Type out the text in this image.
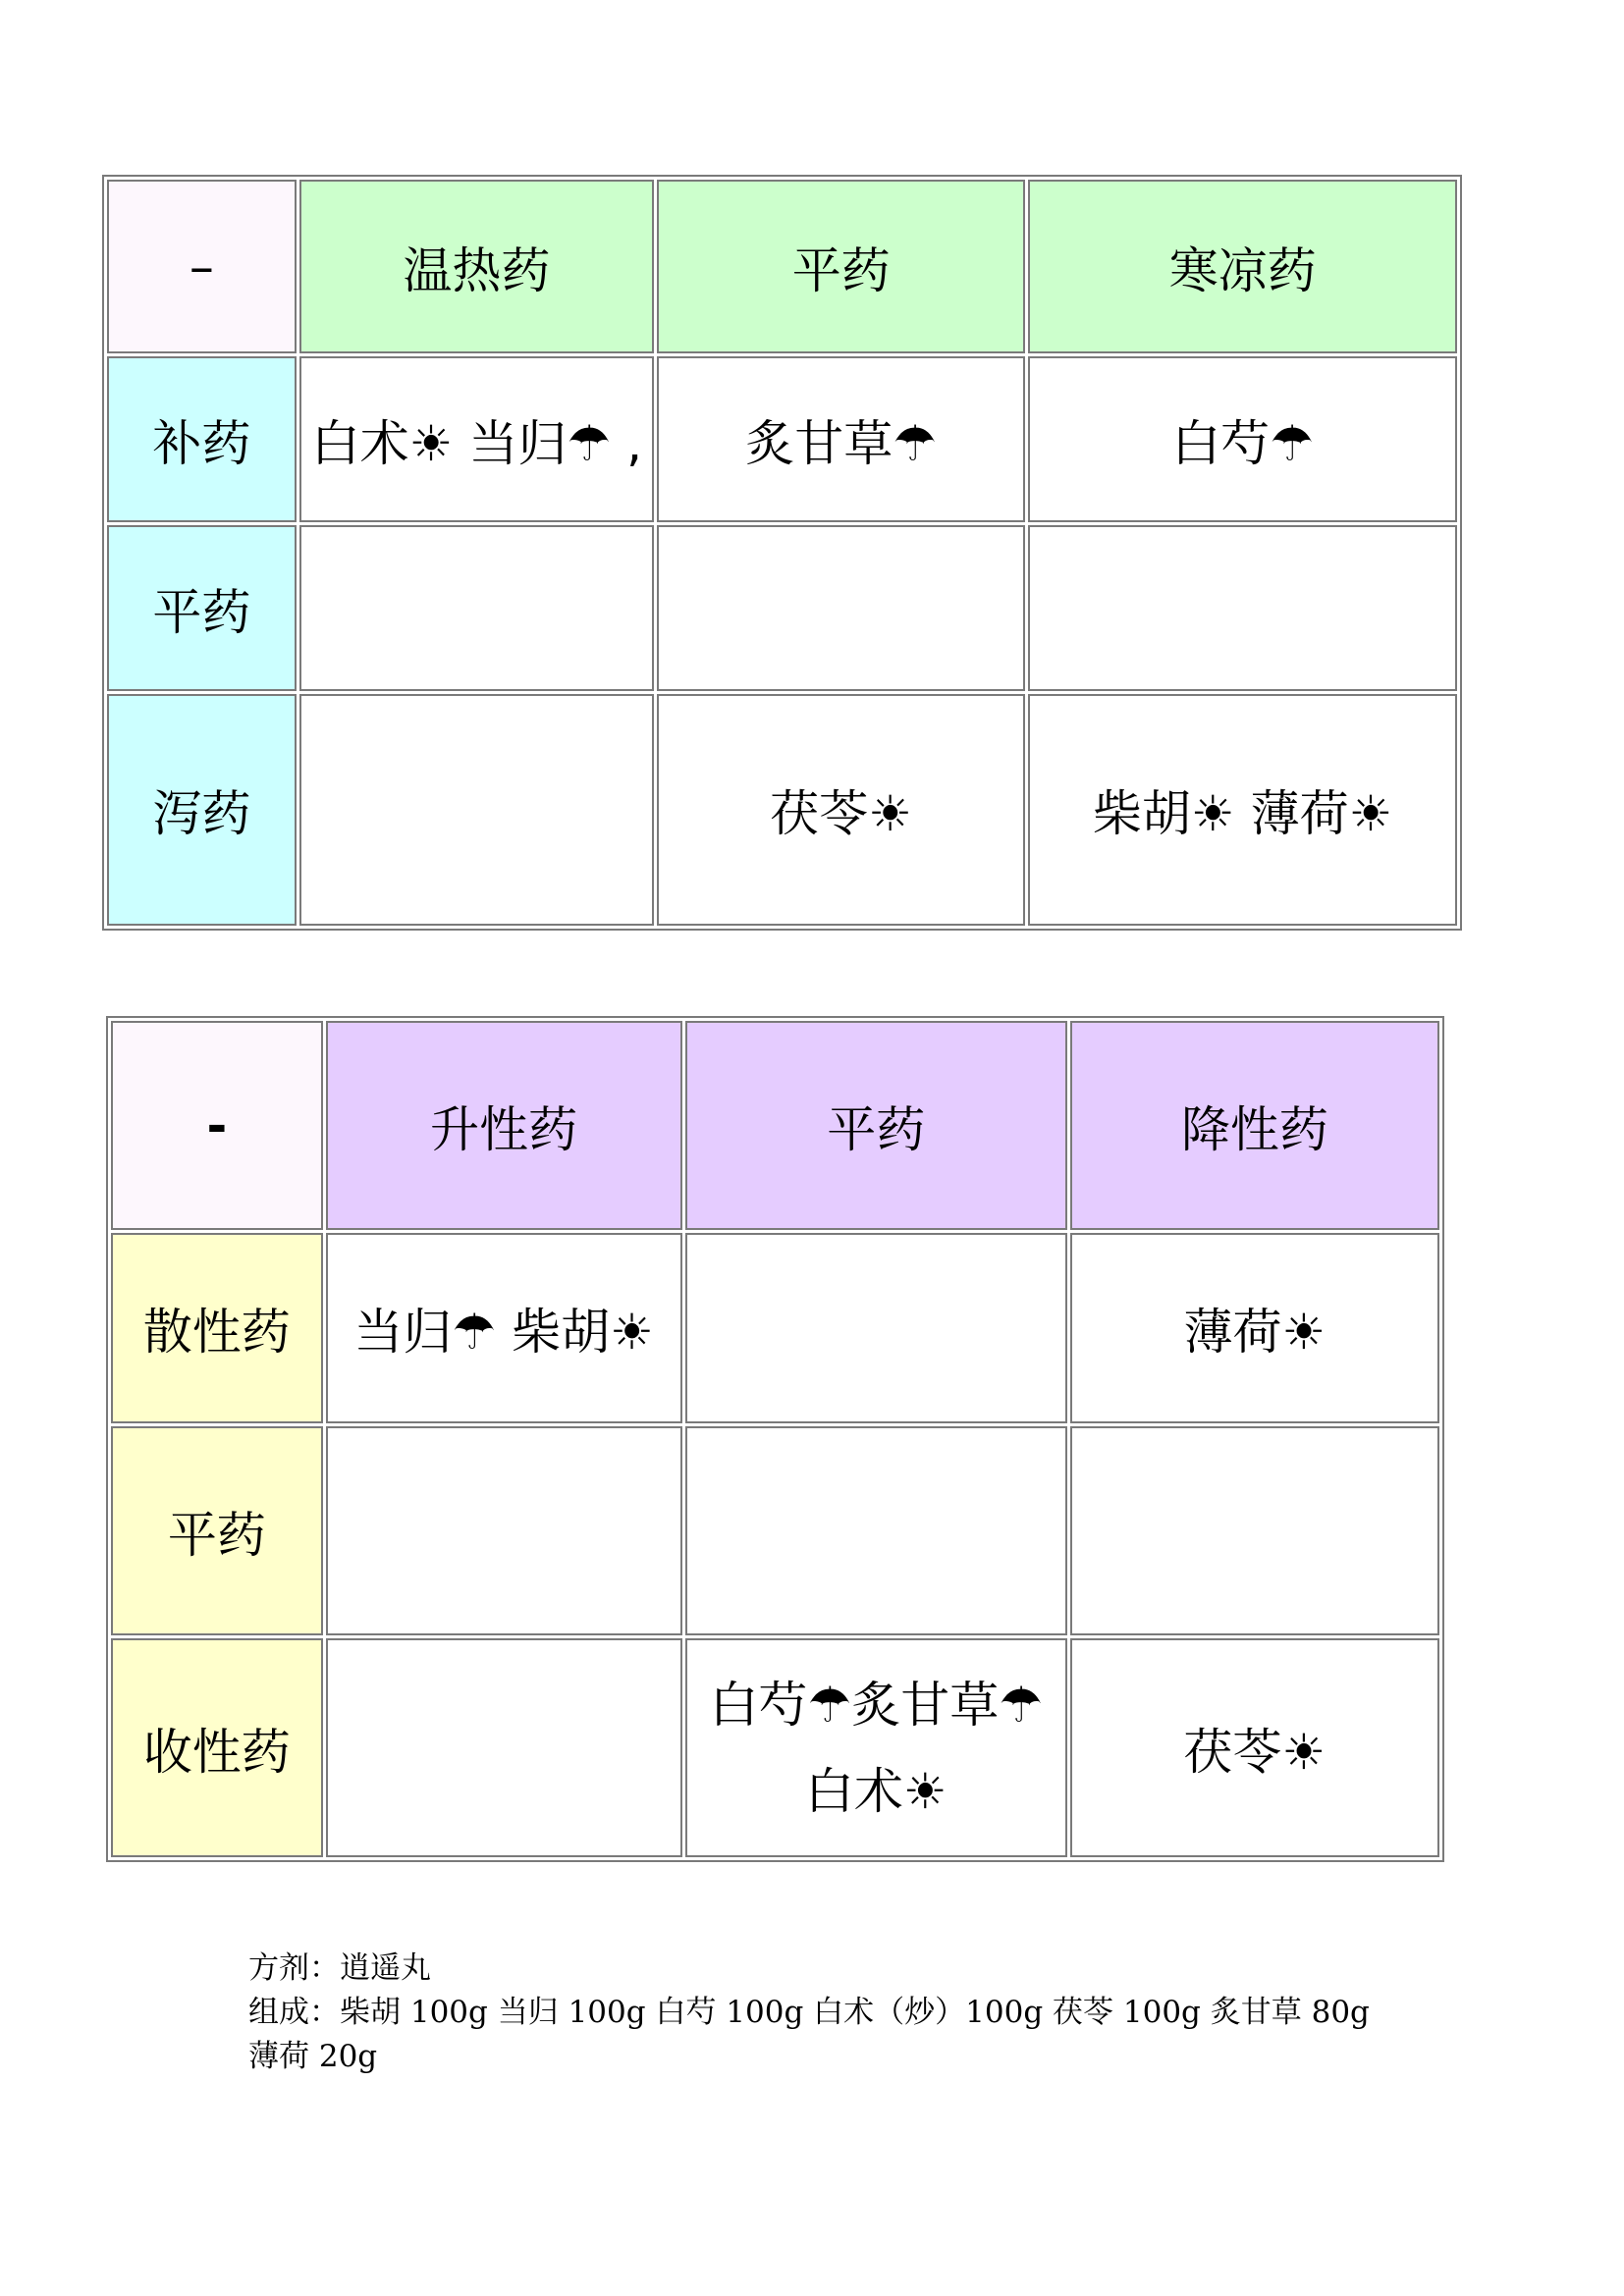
–	温热药	平药	寒凉药
补药	白术☀ 当归☂ ,	炙甘草☂	白芍☂
平药			
泻药		茯苓☀	柴胡☀ 薄荷☀
-	升性药	平药	降性药
散性药	当归☂ 柴胡☀		薄荷☀
平药			
收性药		白芍☂炙甘草☂ 白术☀	茯苓☀
方剂：逍遥丸
组成：柴胡 100g 当归 100g 白芍 100g 白术（炒）100g 茯苓 100g 炙甘草 80g 薄荷 20g
